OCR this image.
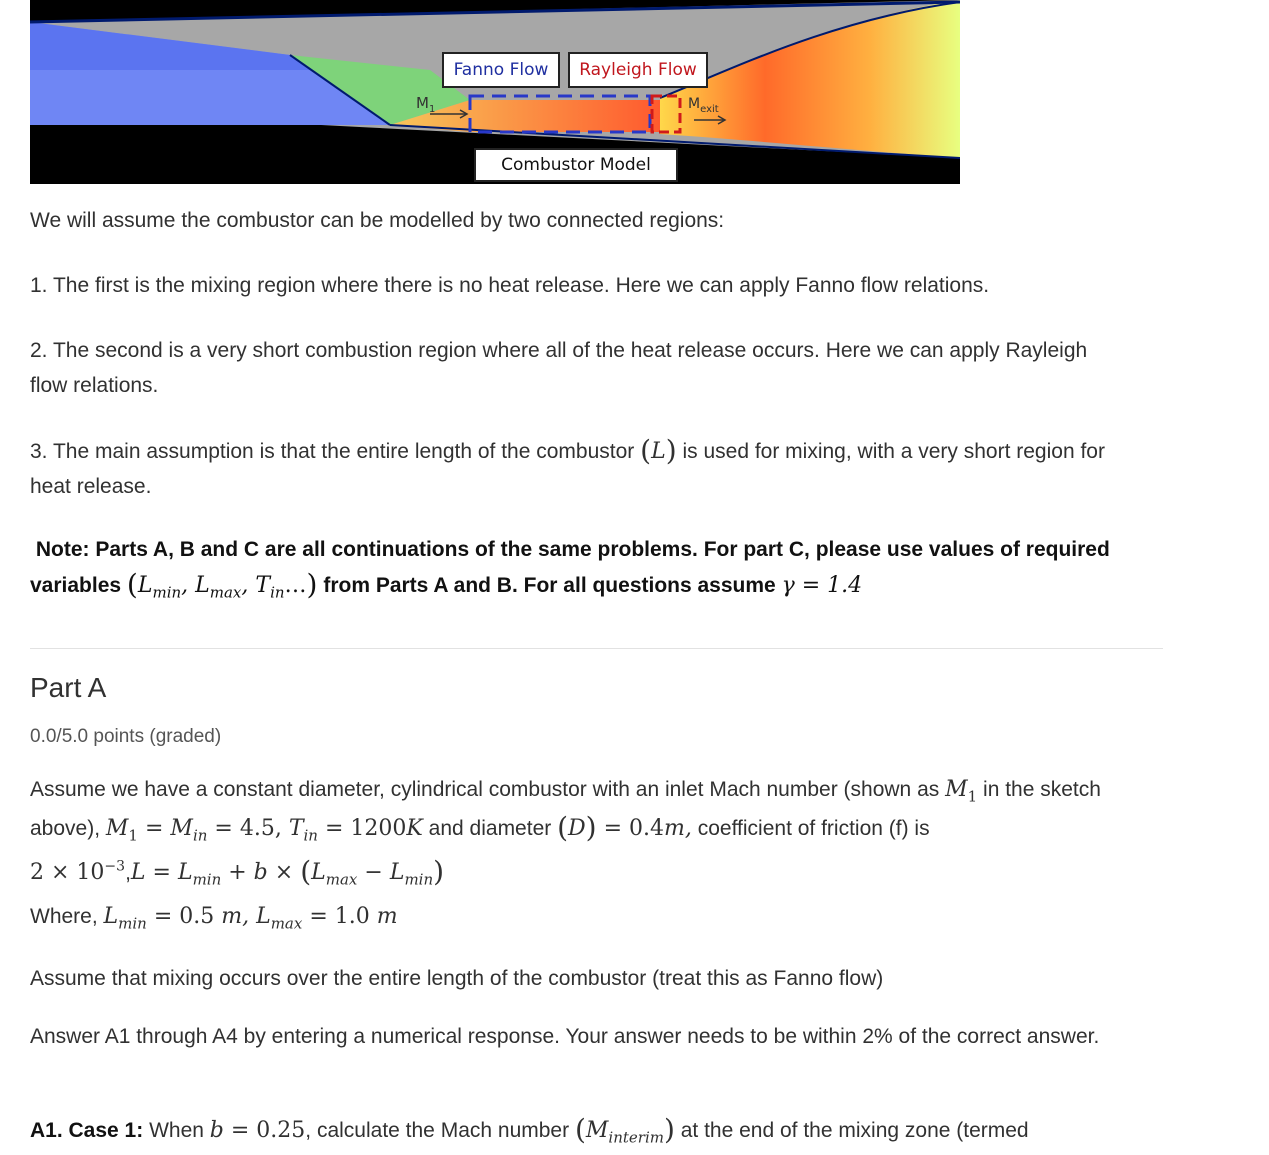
Fanno Flow	Rayleigh Flow
Combustor Model
$M_1$	$M_{exit}$
We will assume the combustor can be modelled by two connected regions:
1. The first is the mixing region where there is no heat release. Here we can apply Fanno flow relations.
2. The second is a very short combustion region where all of the heat release occurs. Here we can apply Rayleigh flow relations.
3. The main assumption is that the entire length of the combustor (L) is used for mixing, with a very short region for heat release.
Note: Parts A, B and C are all continuations of the same problems. For part C, please use values of required variables ($L_{min}$, $L_{max}$, $T_{in}\dots$) from Parts A and B. For all questions assume γ = 1.4
Part A
0.0/5.0 points (graded)
Assume we have a constant diameter, cylindrical combustor with an inlet Mach number (shown as $M_1$ in the sketch above), $M_1 = M_{in} = 4.5$, $T_{in} = 1200K$ and diameter (D) = 0.4m, coefficient of friction (f) is
$2 \times 10^{-3},L = L_{min} + b \times (L_{max} - L_{min})$
Where, $L_{min} = 0.5$ m, $L_{max} = 1.0$ m
Assume that mixing occurs over the entire length of the combustor (treat this as Fanno flow)
Answer A1 through A4 by entering a numerical response. Your answer needs to be within 2% of the correct answer.
A1. Case 1: When b = 0.25, calculate the Mach number $(M_{interim})$ at the end of the mixing zone (termed
